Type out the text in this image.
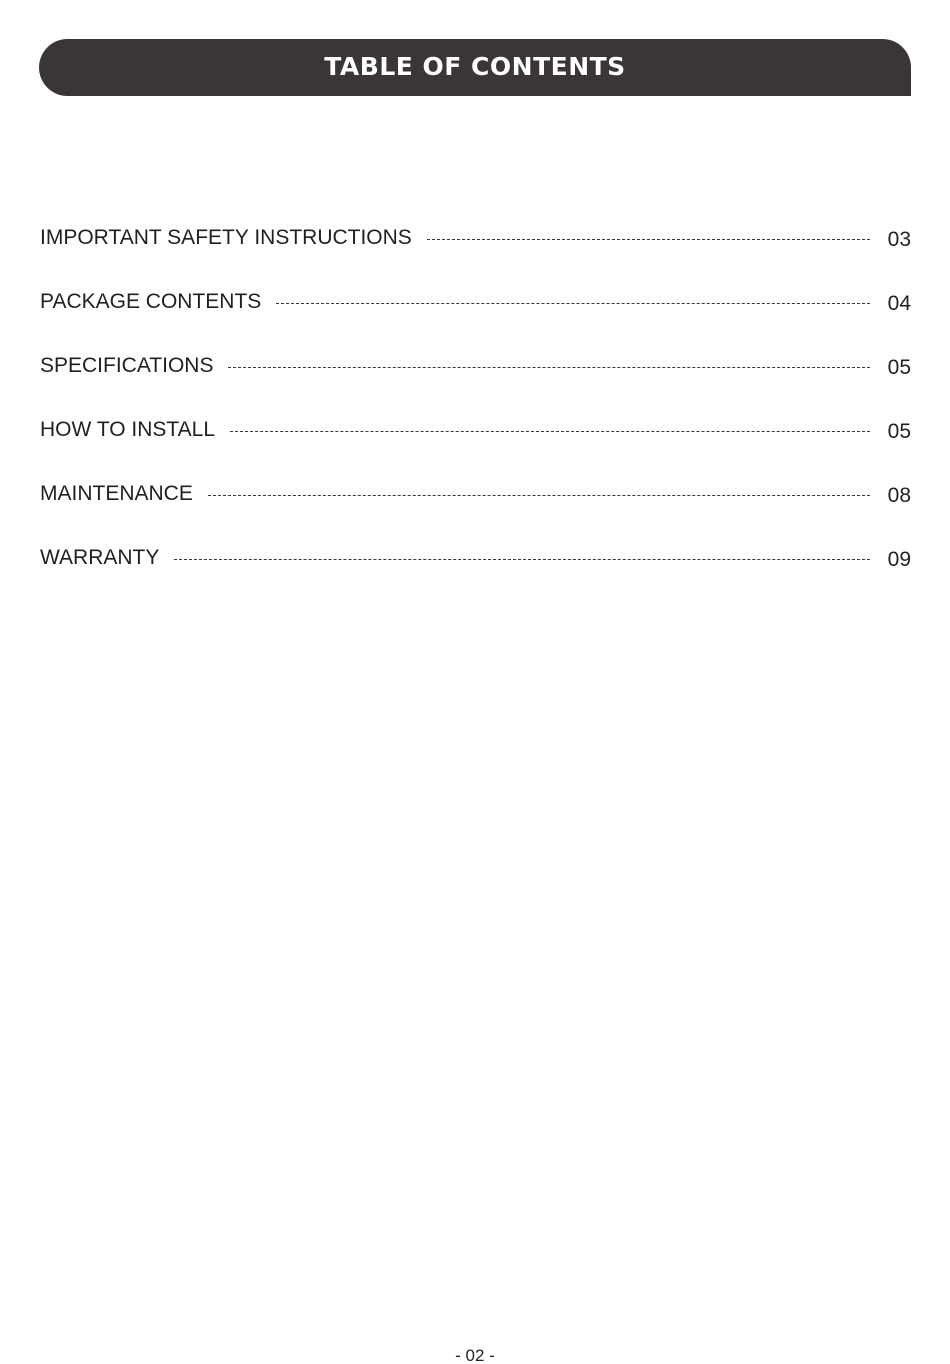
TABLE OF CONTENTS
IMPORTANT SAFETY INSTRUCTIONS	03
PACKAGE CONTENTS	04
SPECIFICATIONS	05
HOW TO INSTALL	05
MAINTENANCE	08
WARRANTY	09
- 02 -
